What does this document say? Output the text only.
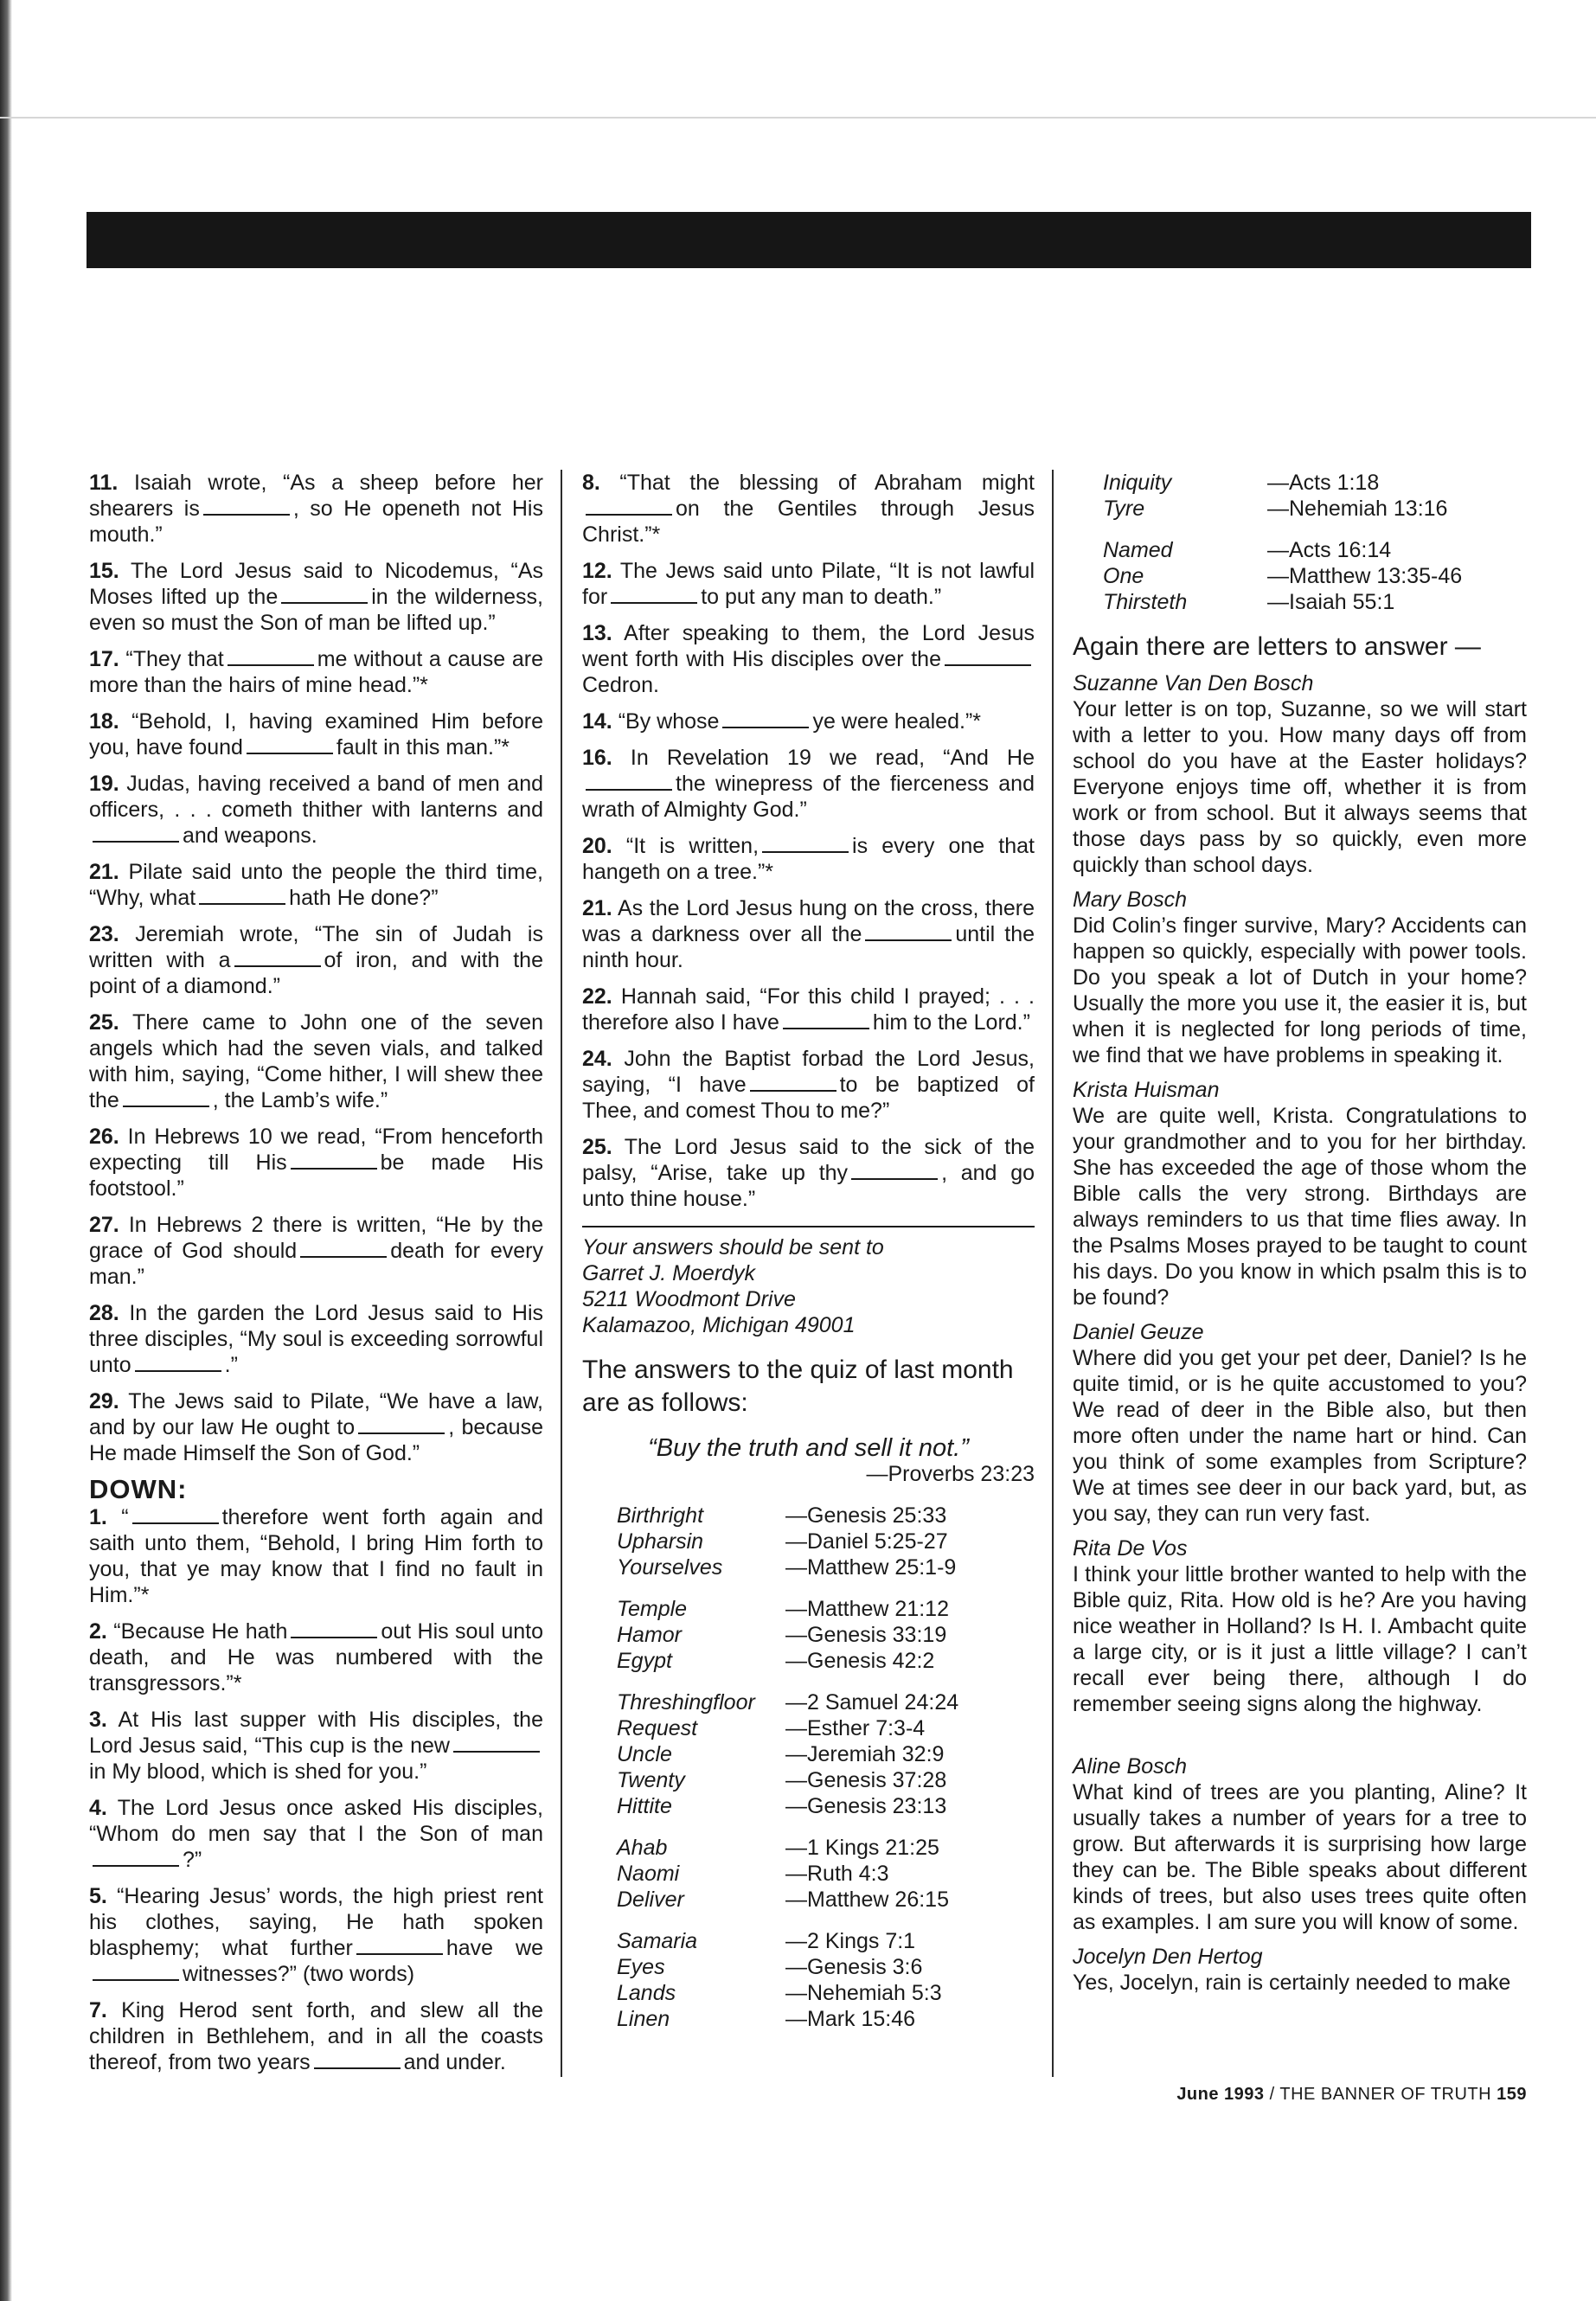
11. Isaiah wrote, “As a sheep before her shearers is	, so He openeth not His mouth.”

15. The Lord Jesus said to Nicodemus, “As Moses lifted up the	in the wilderness, even so must the Son of man be lifted up.”

17. “They that	me without a cause are more than the hairs of mine head.”*

18. “Behold, I, having examined Him before you, have found	fault in this man.”*

19. Judas, having received a band of men and officers, . . . cometh thither with lanterns andand weapons.

21. Pilate said unto the people the third time, “Why, what	hath He done?”

23. Jeremiah wrote, “The sin of Judah is written with a	of iron, and with the point of a diamond.”

25. There came to John one of the seven angels which had the seven vials, and talked with him, saying, “Come hither, I will shew thee the	, the Lamb’s wife.”

26. In Hebrews 10 we read, “From henceforth expecting till His	be made His footstool.”

27. In Hebrews 2 there is written, “He by the grace of God should	death for every man.”

28. In the garden the Lord Jesus said to His three disciples, “My soul is exceeding sorrowful unto	.”

29. The Jews said to Pilate, “We have a law, and by our law He ought to	, because He made Himself the Son of God.”

DOWN:

1. “	therefore went forth again and saith unto them, “Behold, I bring Him forth to you, that ye may know that I find no fault in Him.”*

2. “Because He hath	out His soul unto death, and He was numbered with the transgressors.”*

3. At His last supper with His disciples, the Lord Jesus said, “This cup is the newin My blood, which is shed for you.”

4. The Lord Jesus once asked His disciples, “Whom do men say that I the Son of man?”

5. “Hearing Jesus’ words, the high priest rent his clothes, saying, He hath spoken blasphemy; what further	have wewitnesses?” (two words)

7. King Herod sent forth, and slew all the children in Bethlehem, and in all the coasts thereof, from two years	and under.

8. “That the blessing of Abraham mighton the Gentiles through Jesus Christ.”*

12. The Jews said unto Pilate, “It is not lawful for	to put any man to death.”

13. After speaking to them, the Lord Jesus went forth with His disciples over theCedron.

14. “By whose	ye were healed.”*

16. In Revelation 19 we read, “And Hethe winepress of the fierceness and wrath of Almighty God.”

20. “It is written,	is every one that hangeth on a tree.”*

21. As the Lord Jesus hung on the cross, there was a darkness over all the	until the ninth hour.

22. Hannah said, “For this child I prayed; . . . therefore also I have	him to the Lord.”

24. John the Baptist forbad the Lord Jesus, saying, “I have	to be baptized of Thee, and comest Thou to me?”

25. The Lord Jesus said to the sick of the palsy, “Arise, take up thy	, and go unto thine house.”

Your answers should be sent to
Garret J. Moerdyk
5211 Woodmont Drive
Kalamazoo, Michigan 49001
The answers to the quiz of last month are as follows:

“Buy the truth and sell it not.”

—Proverbs 23:23

Birthright	—Genesis 25:33
Upharsin	—Daniel 5:25-27
Yourselves	—Matthew 25:1-9
Temple	—Matthew 21:12
Hamor	—Genesis 33:19
Egypt	—Genesis 42:2
Threshingfloor	—2 Samuel 24:24
Request	—Esther 7:3-4
Uncle	—Jeremiah 32:9
Twenty	—Genesis 37:28
Hittite	—Genesis 23:13
Ahab	—1 Kings 21:25
Naomi	—Ruth 4:3
Deliver	—Matthew 26:15
Samaria	—2 Kings 7:1
Eyes	—Genesis 3:6
Lands	—Nehemiah 5:3
Linen	—Mark 15:46
Iniquity	—Acts 1:18
Tyre	—Nehemiah 13:16
Named	—Acts 16:14
One	—Matthew 13:35-46
Thirsteth	—Isaiah 55:1
Again there are letters to answer —

Suzanne Van Den Bosch

Your letter is on top, Suzanne, so we will start with a letter to you. How many days off from school do you have at the Easter holidays? Everyone enjoys time off, whether it is from work or from school. But it always seems that those days pass by so quickly, even more quickly than school days.

Mary Bosch

Did Colin’s finger survive, Mary? Accidents can happen so quickly, especially with power tools. Do you speak a lot of Dutch in your home? Usually the more you use it, the easier it is, but when it is neglected for long periods of time, we find that we have problems in speaking it.

Krista Huisman

We are quite well, Krista. Congratulations to your grandmother and to you for her birthday. She has exceeded the age of those whom the Bible calls the very strong. Birthdays are always reminders to us that time flies away. In the Psalms Moses prayed to be taught to count his days. Do you know in which psalm this is to be found?

Daniel Geuze

Where did you get your pet deer, Daniel? Is he quite timid, or is he quite accustomed to you? We read of deer in the Bible also, but then more often under the name hart or hind. Can you think of some examples from Scripture? We at times see deer in our back yard, but, as you say, they can run very fast.

Rita De Vos

I think your little brother wanted to help with the Bible quiz, Rita. How old is he? Are you having nice weather in Holland? Is H. I. Ambacht quite a large city, or is it just a little village? I can’t recall ever being there, although I do remember seeing signs along the highway.

Aline Bosch

What kind of trees are you planting, Aline? It usually takes a number of years for a tree to grow. But afterwards it is surprising how large they can be. The Bible speaks about different kinds of trees, but also uses trees quite often as examples. I am sure you will know of some.

Jocelyn Den Hertog

Yes, Jocelyn, rain is certainly needed to make

June 1993 / THE BANNER OF TRUTH 159
